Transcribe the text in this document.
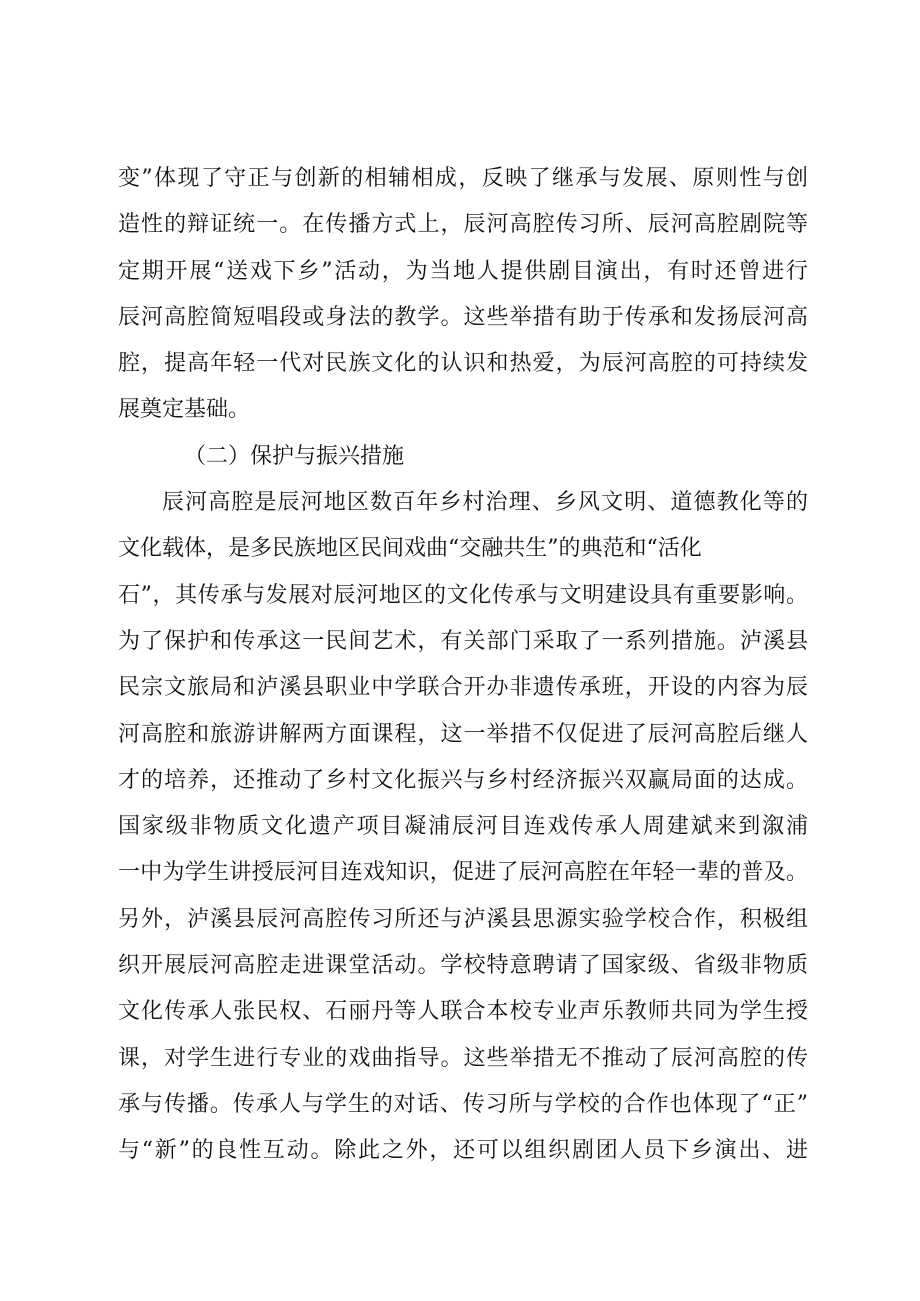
变”体现了守正与创新的相辅相成，反映了继承与发展、原则性与创
造性的辩证统一。在传播方式上，辰河高腔传习所、辰河高腔剧院等
定期开展“送戏下乡”活动，为当地人提供剧目演出，有时还曾进行
辰河高腔简短唱段或身法的教学。这些举措有助于传承和发扬辰河高
腔，提高年轻一代对民族文化的认识和热爱，为辰河高腔的可持续发
展奠定基础。
（二）保护与振兴措施
辰河高腔是辰河地区数百年乡村治理、乡风文明、道德教化等的
文化载体，是多民族地区民间戏曲“交融共生”的典范和“活化
石”，其传承与发展对辰河地区的文化传承与文明建设具有重要影响。
为了保护和传承这一民间艺术，有关部门采取了一系列措施。泸溪县
民宗文旅局和泸溪县职业中学联合开办非遗传承班，开设的内容为辰
河高腔和旅游讲解两方面课程，这一举措不仅促进了辰河高腔后继人
才的培养，还推动了乡村文化振兴与乡村经济振兴双赢局面的达成。
国家级非物质文化遗产项目凝浦辰河目连戏传承人周建斌来到溆浦
一中为学生讲授辰河目连戏知识，促进了辰河高腔在年轻一辈的普及。
另外，泸溪县辰河高腔传习所还与泸溪县思源实验学校合作，积极组
织开展辰河高腔走进课堂活动。学校特意聘请了国家级、省级非物质
文化传承人张民权、石丽丹等人联合本校专业声乐教师共同为学生授
课，对学生进行专业的戏曲指导。这些举措无不推动了辰河高腔的传
承与传播。传承人与学生的对话、传习所与学校的合作也体现了“正”
与“新”的良性互动。除此之外，还可以组织剧团人员下乡演出、进
